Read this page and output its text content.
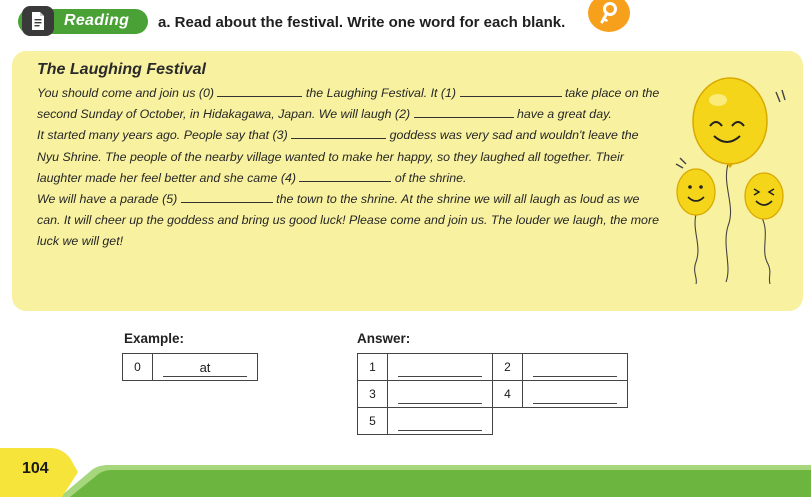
Reading a. Read about the festival. Write one word for each blank.
The Laughing Festival

You should come and join us (0)	the Laughing Festival. It (1)	take place on the second Sunday of October, in Hidakagawa, Japan. We will laugh (2)	have a great day.

It started many years ago. People say that (3)	goddess was very sad and wouldn't leave the Nyu Shrine. The people of the nearby village wanted to make her happy, so they laughed all together. Their laughter made her feel better and she came (4)	of the shrine.

We will have a parade (5)	the town to the shrine. At the shrine we will all laugh as loud as we can. It will cheer up the goddess and bring us good luck! Please come and join us. The louder we laugh, the more luck we will get!

Example:
0	at
Answer:
1		2	

3		4	

5	

104
